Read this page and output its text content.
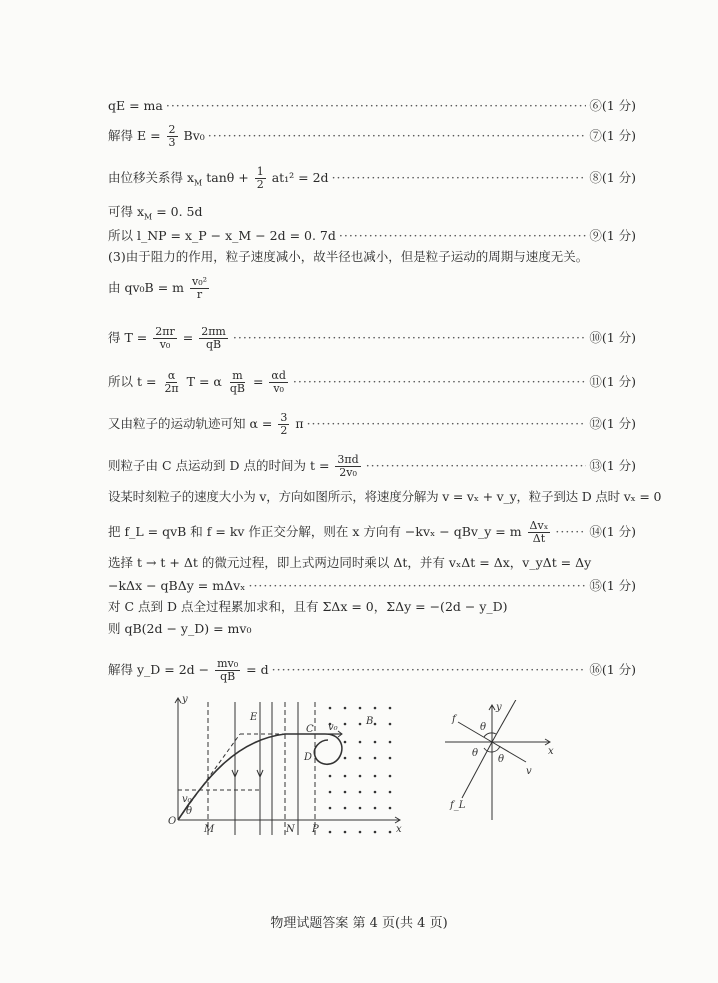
qE = ma ·····	⑥(1 分)
解得 $E = \frac{2}{3} Bv_0$ ·····	⑦(1 分)
由位移关系得 $x_M$ $\tan\theta + \frac{1}{2} at_1^2 = 2d$ ·····	⑧(1 分)
可得 $x_M = 0$. 5d
所以 l_NP = x_P − x_M − 2d = 0. 7d ·····	⑨(1 分)
(3)由于阻力的作用，粒子速度减小，故半径也减小，但是粒子运动的周期与速度无关。
由 qv₀B = m $\frac{\text{v₀²}}{r}$
得 $T = \frac{2\pi r}{\text{v₀}} = \frac{2\pi m}{qB}$ ·····	⑩(1 分)
所以 $t = \frac{\alpha}{2\pi}$ T = α $\frac{m}{qB} = \frac{\alpha d}{\text{v₀}}$ ·····	⑪(1 分)
又由粒子的运动轨迹可知 $\alpha = \frac{3}{2}$ π ·····	⑫(1 分)
则粒子由 C 点运动到 D 点的时间为 $t = \frac{3\pi d}{\text{2v₀}}$ ·····	⑬(1 分)
设某时刻粒子的速度大小为 v，方向如图所示，将速度分解为 v = vₓ + v_y，粒子到达 D 点时 vₓ = 0
把 f_L = qvB 和 f = kv 作正交分解，则在 x 方向有 −kvₓ − qBv_y = m $\frac{\text{Δvₓ}}{\Delta t}$ ·····	⑭(1 分)
选择 t → t + Δt 的微元过程，即上式两边同时乘以 Δt，并有 vₓΔt = Δx，v_yΔt = Δy
−kΔx − qBΔy = mΔvₓ ·····	⑮(1 分)
对 C 点到 D 点全过程累加求和，且有 ΣΔx = 0，ΣΔy = −(2d − y_D)
则 qB(2d − y_D) = mv₀
解得 y_D = $2d - \frac{\text{mv₀}}{qB} = d$ ·····	⑯(1 分)
y
x
O
M	N P
E	B
C
D
v₀
v₀
θ
y
x
f
f_L
v
θ
θ
θ
物理试题答案 第 4 页(共 4 页)
